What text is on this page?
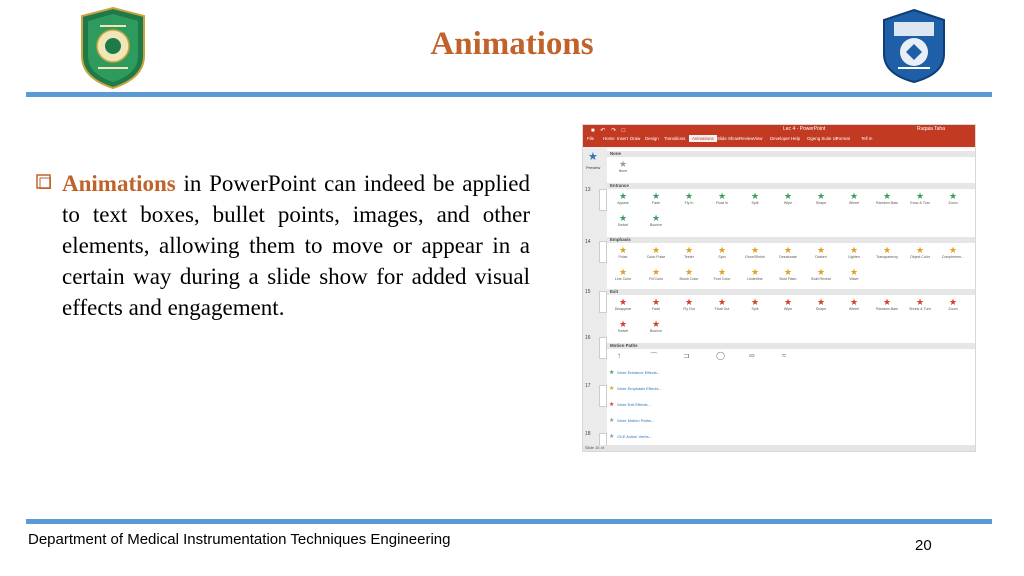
Animations
Animations in PowerPoint can indeed be applied to text boxes, bullet points, images, and other elements, allowing them to move or appear in a certain way during a slide show for added visual effects and engagement.
■ ↶ ↷ □	Lec 4 - PowerPoint	Ruqaia Taha
File Home Insert Draw Design Transitions	Animations Slide Show Review View Developer Help Ogeng Suite 10
Format	Tell m
★
Preview
13
14
15
16
17
18
None
★
None
Entrance
★
Appear
★
Fade
★
Fly In
★
Float In
★
Split
★
Wipe
★
Shape
★
Wheel
★
Random Bars
★
Grow & Turn
★
Zoom
★
Swivel
★
Bounce
Emphasis
★
Pulse
★
Color Pulse
★
Teeter
★
Spin
★
Grow/Shrink
★
Desaturate
★
Darken
★
Lighten
★
Transparency
★
Object Color
★
Complemen...
★
Line Color
★
Fill Color
★
Brush Color
★
Font Color
★
Underline
★
Bold Flash
★
Bold Reveal
★
Wave
Exit
★
Disappear
★
Fade
★
Fly Out
★
Float Out
★
Split
★
Wipe
★
Shape
★
Wheel
★
Random Bars
★
Shrink & Turn
★
Zoom
★
Swivel
★
Bounce
Motion Paths
↑	⌒	⊐	◯	∞	≈
★ More Entrance Effects...
★ More Emphasis Effects...
★ More Exit Effects...
★ More Motion Paths...
★ OLE Action Verbs...
Slide 15 of
Department of Medical Instrumentation Techniques Engineering	20
